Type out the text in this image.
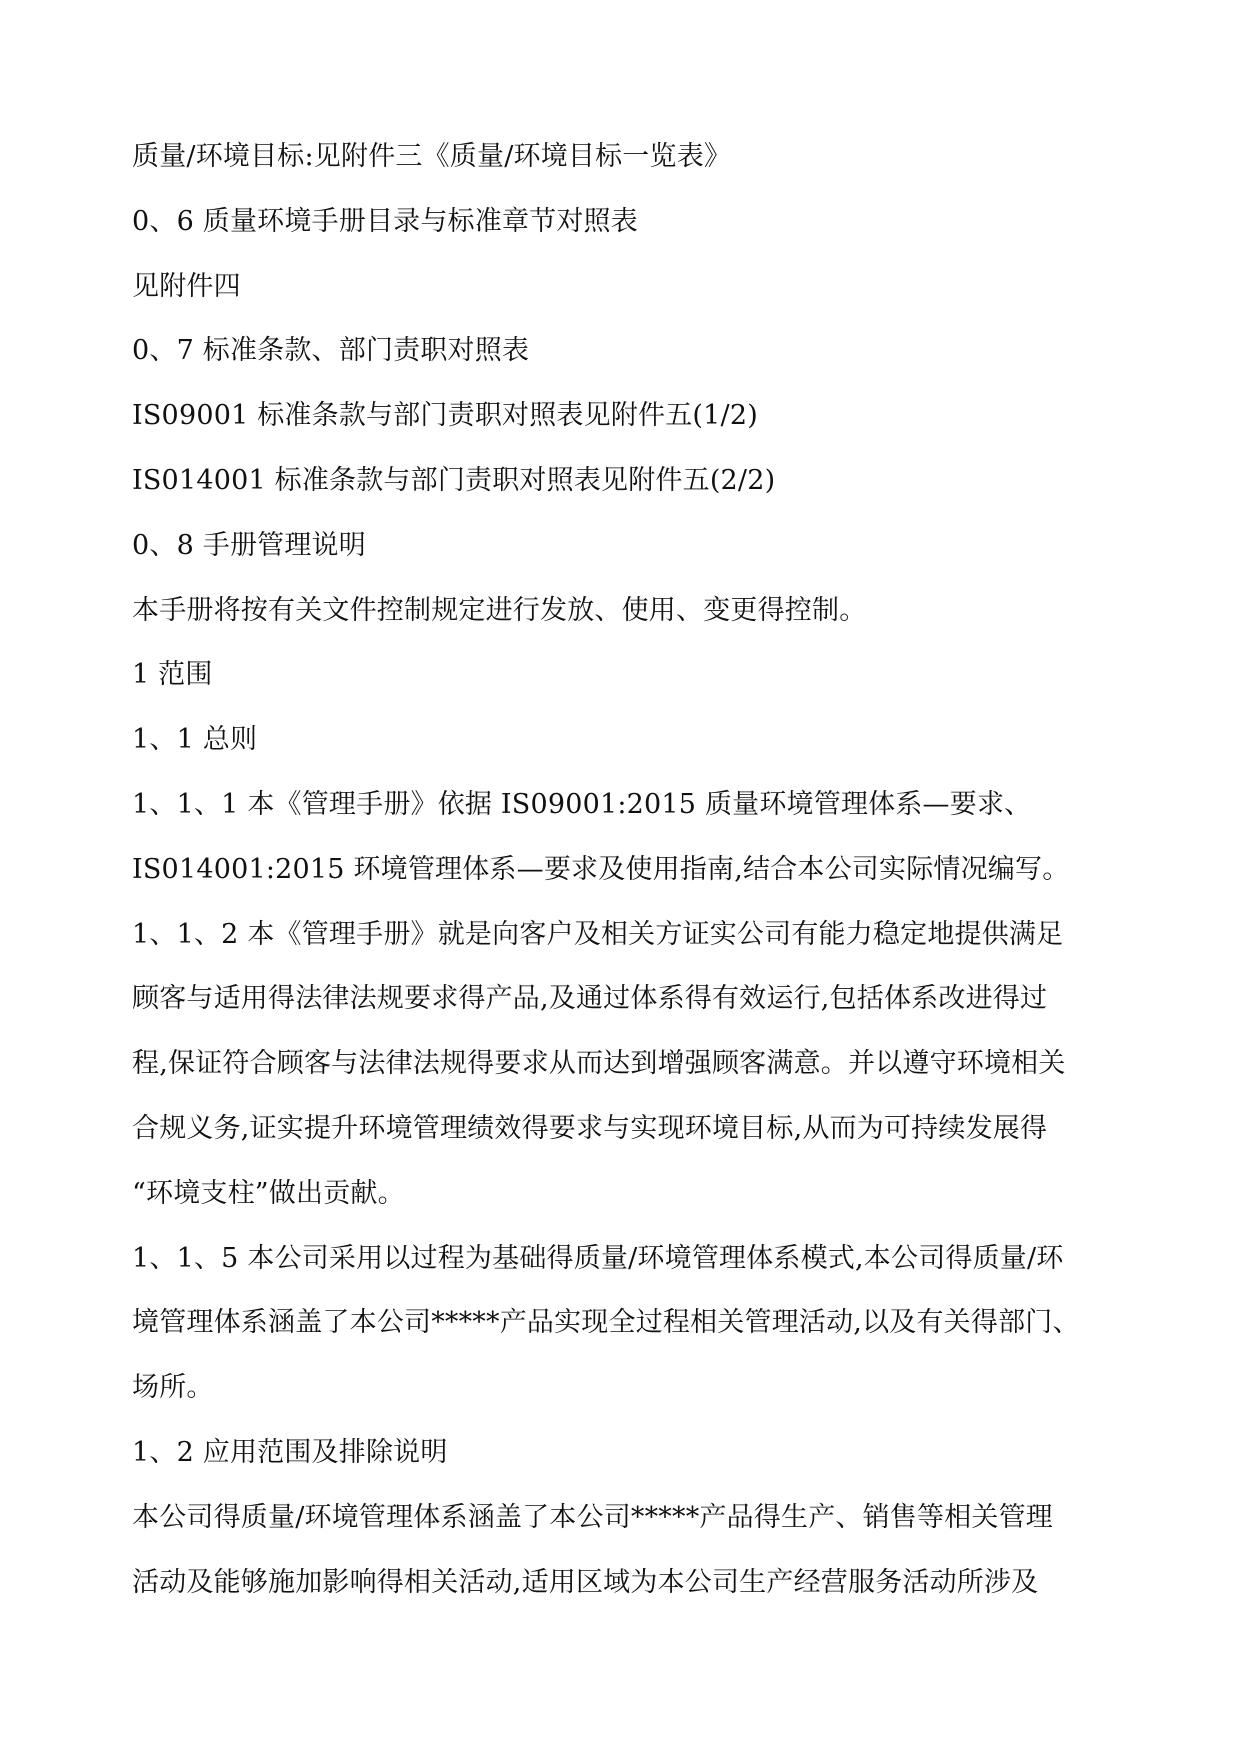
质量/环境目标:见附件三《质量/环境目标一览表》

0、6 质量环境手册目录与标准章节对照表

见附件四

0、7 标准条款、部门责职对照表

IS09001 标准条款与部门责职对照表见附件五(1/2)

IS014001 标准条款与部门责职对照表见附件五(2/2)

0、8 手册管理说明

本手册将按有关文件控制规定进行发放、使用、变更得控制。

1 范围

1、1 总则

1、1、1 本《管理手册》依据 IS09001:2015 质量环境管理体系—要求、

IS014001:2015 环境管理体系—要求及使用指南,结合本公司实际情况编写。

1、1、2 本《管理手册》就是向客户及相关方证实公司有能力稳定地提供满足

顾客与适用得法律法规要求得产品,及通过体系得有效运行,包括体系改进得过

程,保证符合顾客与法律法规得要求从而达到增强顾客满意。并以遵守环境相关

合规义务,证实提升环境管理绩效得要求与实现环境目标,从而为可持续发展得

“环境支柱”做出贡献。

1、1、5 本公司采用以过程为基础得质量/环境管理体系模式,本公司得质量/环

境管理体系涵盖了本公司*****产品实现全过程相关管理活动,以及有关得部门、

场所。

1、2 应用范围及排除说明

本公司得质量/环境管理体系涵盖了本公司*****产品得生产、销售等相关管理

活动及能够施加影响得相关活动,适用区域为本公司生产经营服务活动所涉及
